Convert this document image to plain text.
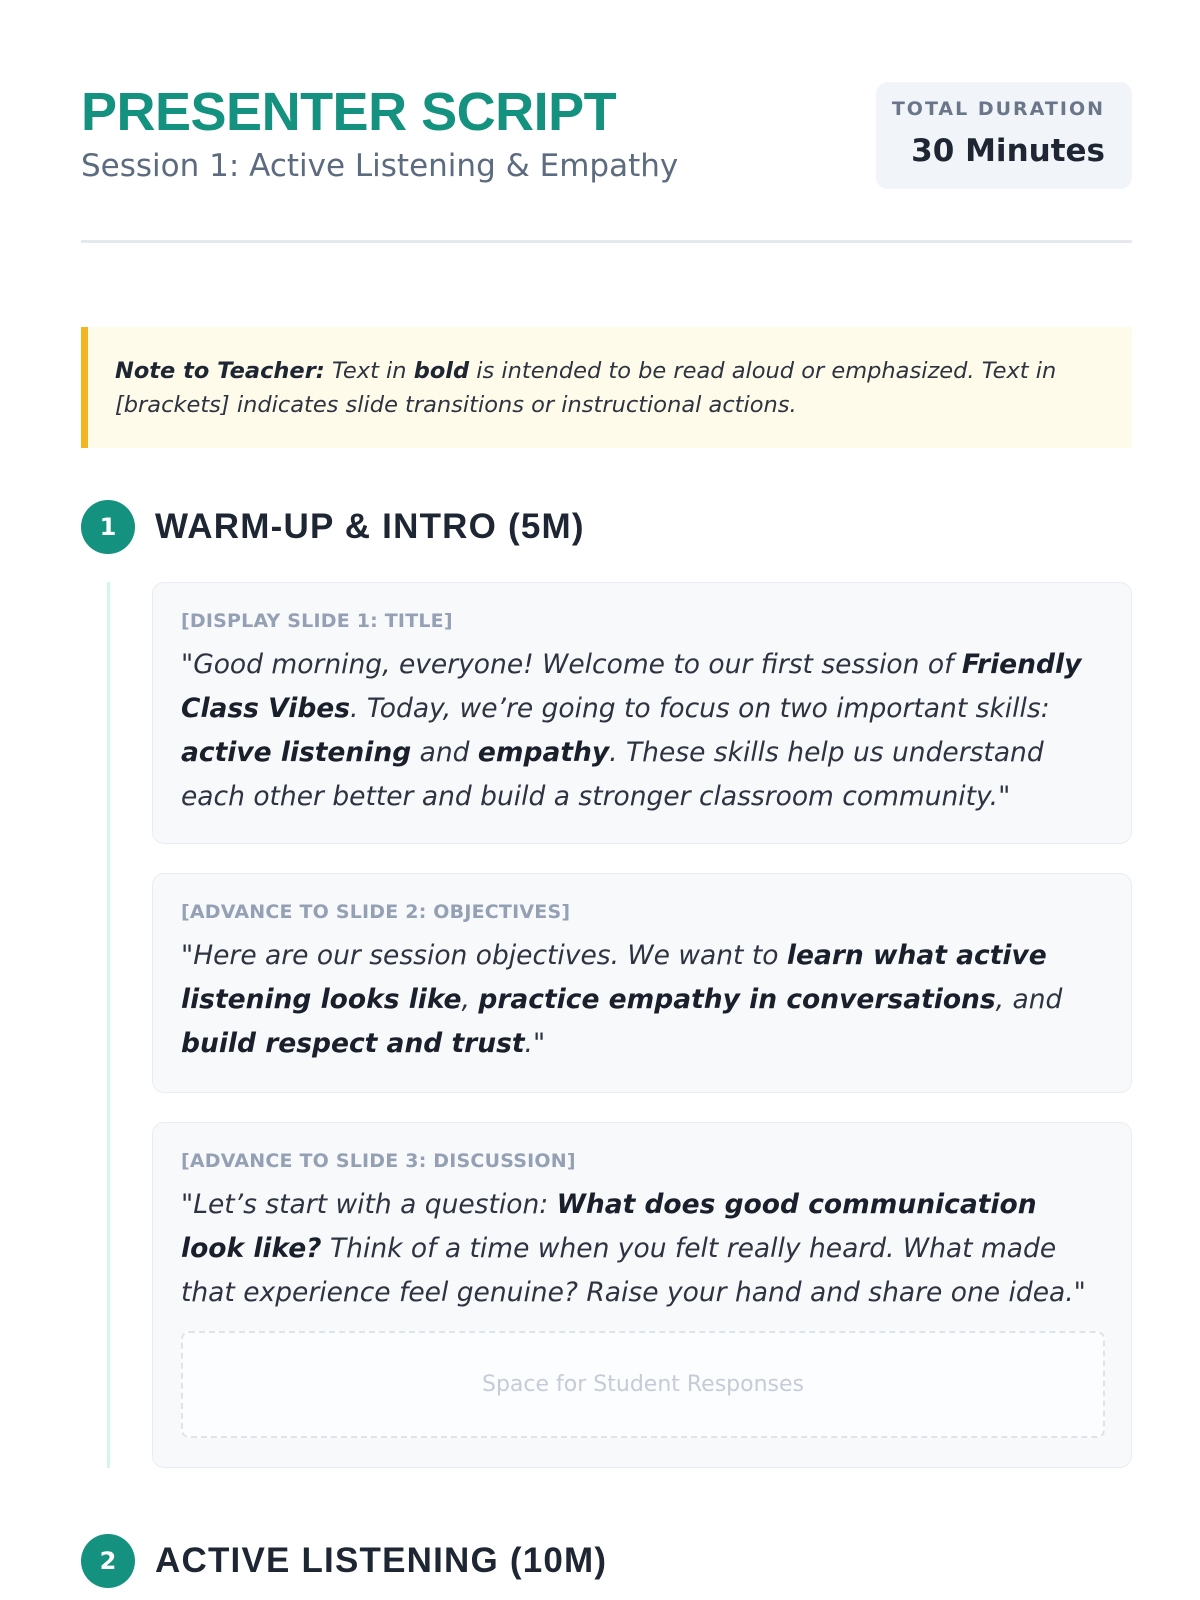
PRESENTER SCRIPT
Session 1: Active Listening & Empathy
TOTAL DURATION
30 Minutes
Note to Teacher: Text in bold is intended to be read aloud or emphasized. Text in [brackets] indicates slide transitions or instructional actions.
1	WARM-UP & INTRO (5M)
[DISPLAY SLIDE 1: TITLE]
"Good morning, everyone! Welcome to our first session of Friendly Class Vibes. Today, we’re going to focus on two important skills: active listening and empathy. These skills help us understand each other better and build a stronger classroom community."
[ADVANCE TO SLIDE 2: OBJECTIVES]
"Here are our session objectives. We want to learn what active listening looks like, practice empathy in conversations, and build respect and trust."
[ADVANCE TO SLIDE 3: DISCUSSION]
"Let’s start with a question: What does good communication look like? Think of a time when you felt really heard. What made that experience feel genuine? Raise your hand and share one idea."
Space for Student Responses
2	ACTIVE LISTENING (10M)
